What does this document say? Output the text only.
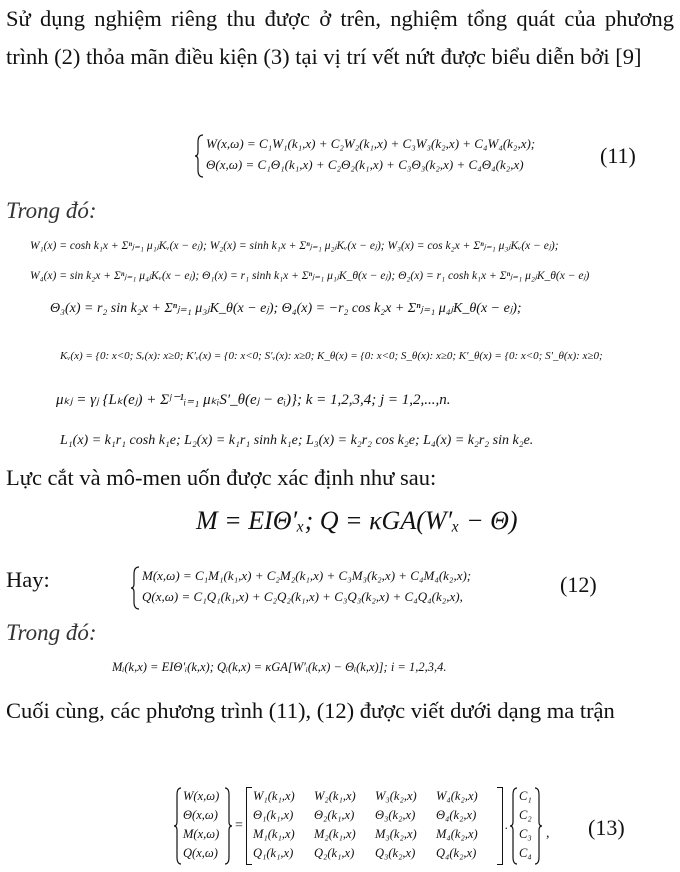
Sử dụng nghiệm riêng thu được ở trên, nghiệm tổng quát của phương trình (2) thỏa mãn điều kiện (3) tại vị trí vết nứt được biểu diễn bởi [9]
W(x,ω) = C₁W₁(k₁,x) + C₂W₂(k₁,x) + C₃W₃(k₂,x) + C₄W₄(k₂,x);
Θ(x,ω) = C₁Θ₁(k₁,x) + C₂Θ₂(k₁,x) + C₃Θ₃(k₂,x) + C₄Θ₄(k₂,x)	(11)
Trong đó:
W₁(x) = cosh k₁x + Σⁿⱼ₌₁ μ₁ⱼKᵥ(x − eⱼ); W₂(x) = sinh k₁x + Σⁿⱼ₌₁ μ₂ⱼKᵥ(x − eⱼ); W₃(x) = cos k₂x + Σⁿⱼ₌₁ μ₃ⱼKᵥ(x − eⱼ);
W₄(x) = sin k₂x + Σⁿⱼ₌₁ μ₄ⱼKᵥ(x − eⱼ); Θ₁(x) = r₁ sinh k₁x + Σⁿⱼ₌₁ μ₁ⱼK_θ(x − eⱼ); Θ₂(x) = r₁ cosh k₁x + Σⁿⱼ₌₁ μ₂ⱼK_θ(x − eⱼ)
Θ₃(x) = r₂ sin k₂x + Σⁿⱼ₌₁ μ₃ⱼK_θ(x − eⱼ); Θ₄(x) = −r₂ cos k₂x + Σⁿⱼ₌₁ μ₄ⱼK_θ(x − eⱼ);
Kᵥ(x) = {0: x<0; Sᵥ(x): x≥0; K′ᵥ(x) = {0: x<0; S′ᵥ(x): x≥0; K_θ(x) = {0: x<0; S_θ(x): x≥0; K′_θ(x) = {0: x<0; S′_θ(x): x≥0;
μₖⱼ = γⱼ {Lₖ(eⱼ) + Σʲ⁻¹ᵢ₌₁ μₖᵢS′_θ(eⱼ − eᵢ)}; k = 1,2,3,4; j = 1,2,...,n.
L₁(x) = k₁r₁ cosh k₁e; L₂(x) = k₁r₁ sinh k₁e; L₃(x) = k₂r₂ cos k₂e; L₄(x) = k₂r₂ sin k₂e.
Lực cắt và mô-men uốn được xác định như sau:
M = EIΘ′ₓ; Q = κGA(W′ₓ − Θ)
Hay:	M(x,ω) = C₁M₁(k₁,x) + C₂M₂(k₁,x) + C₃M₃(k₂,x) + C₄M₄(k₂,x);
Q(x,ω) = C₁Q₁(k₁,x) + C₂Q₂(k₁,x) + C₃Q₃(k₂,x) + C₄Q₄(k₂,x),	(12)
Trong đó:
Mᵢ(k,x) = EIΘ′ᵢ(k,x); Qᵢ(k,x) = κGA[W′ᵢ(k,x) − Θᵢ(k,x)]; i = 1,2,3,4.
Cuối cùng, các phương trình (11), (12) được viết dưới dạng ma trận
=	.
, (13)
W(x,ω)
Θ(x,ω)
M(x,ω)
Q(x,ω)
W₁(k₁,x) W₂(k₁,x) W₃(k₂,x) W₄(k₂,x)
Θ₁(k₁,x) Θ₂(k₁,x) Θ₃(k₂,x) Θ₄(k₂,x)
M₁(k₁,x) M₂(k₁,x) M₃(k₂,x) M₄(k₂,x)
Q₁(k₁,x) Q₂(k₁,x) Q₃(k₂,x) Q₄(k₂,x)
C₁
C₂
C₃
C₄
